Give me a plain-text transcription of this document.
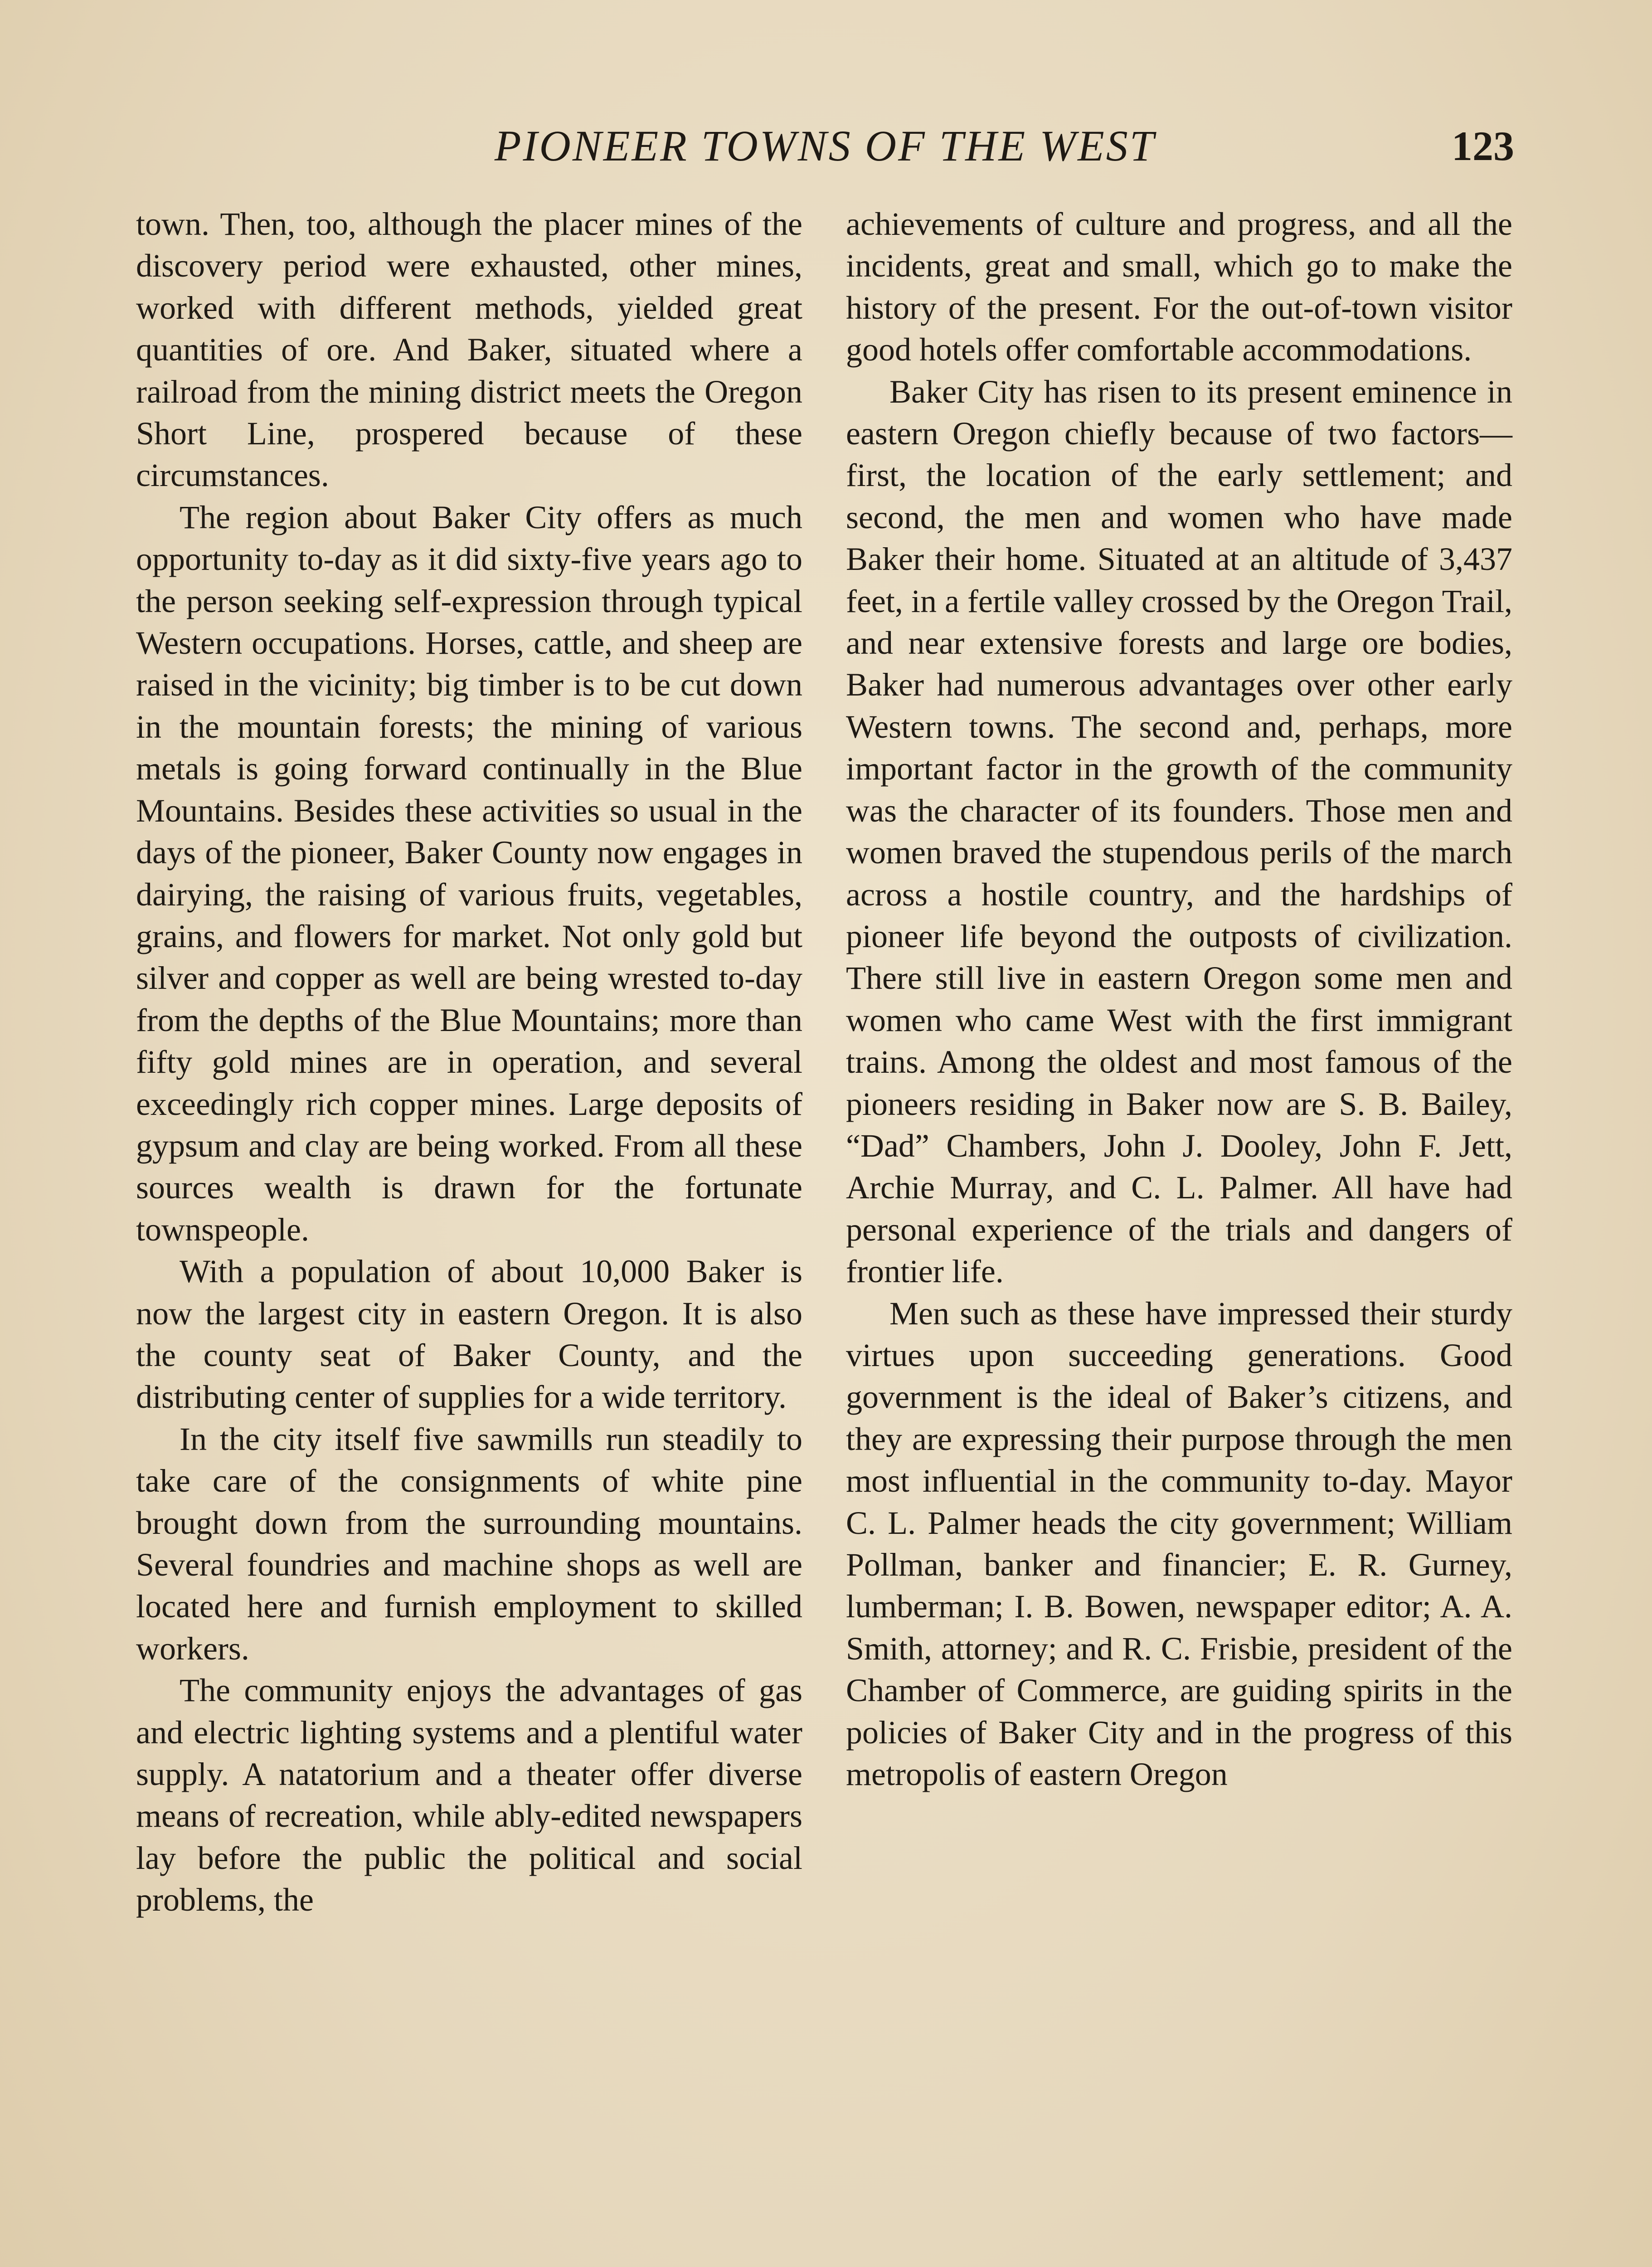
PIONEER TOWNS OF THE WEST	123

town. Then, too, although the placer mines of the discovery period were exhausted, other mines, worked with different methods, yielded great quantities of ore. And Baker, situated where a railroad from the mining district meets the Oregon Short Line, prospered because of these circumstances.

The region about Baker City offers as much opportunity to-day as it did sixty-five years ago to the person seeking self-expression through typical Western occupations. Horses, cattle, and sheep are raised in the vicinity; big timber is to be cut down in the mountain forests; the mining of various metals is going forward continually in the Blue Mountains. Besides these activities so usual in the days of the pioneer, Baker County now engages in dairying, the raising of various fruits, vegetables, grains, and flowers for market. Not only gold but silver and copper as well are being wrested to-day from the depths of the Blue Mountains; more than fifty gold mines are in operation, and several exceedingly rich copper mines. Large deposits of gypsum and clay are being worked. From all these sources wealth is drawn for the fortunate townspeople.

With a population of about 10,000 Baker is now the largest city in eastern Oregon. It is also the county seat of Baker County, and the distributing center of supplies for a wide territory.

In the city itself five sawmills run steadily to take care of the consignments of white pine brought down from the surrounding mountains. Several foundries and machine shops as well are located here and furnish employment to skilled workers.

The community enjoys the advantages of gas and electric lighting systems and a plentiful water supply. A natatorium and a theater offer diverse means of recreation, while ably-edited newspapers lay before the public the political and social problems, the

achievements of culture and progress, and all the incidents, great and small, which go to make the history of the present. For the out-of-town visitor good hotels offer comfortable accommodations.

Baker City has risen to its present eminence in eastern Oregon chiefly because of two factors—first, the location of the early settlement; and second, the men and women who have made Baker their home. Situated at an altitude of 3,437 feet, in a fertile valley crossed by the Oregon Trail, and near extensive forests and large ore bodies, Baker had numerous advantages over other early Western towns. The second and, perhaps, more important factor in the growth of the community was the character of its founders. Those men and women braved the stupendous perils of the march across a hostile country, and the hardships of pioneer life beyond the outposts of civilization. There still live in eastern Oregon some men and women who came West with the first immigrant trains. Among the oldest and most famous of the pioneers residing in Baker now are S. B. Bailey, “Dad” Chambers, John J. Dooley, John F. Jett, Archie Murray, and C. L. Palmer. All have had personal experience of the trials and dangers of frontier life.

Men such as these have impressed their sturdy virtues upon succeeding generations. Good government is the ideal of Baker’s citizens, and they are expressing their purpose through the men most influential in the community to-day. Mayor C. L. Palmer heads the city government; William Pollman, banker and financier; E. R. Gurney, lumberman; I. B. Bowen, newspaper editor; A. A. Smith, attorney; and R. C. Frisbie, president of the Chamber of Commerce, are guiding spirits in the policies of Baker City and in the progress of this metropolis of eastern Oregon
